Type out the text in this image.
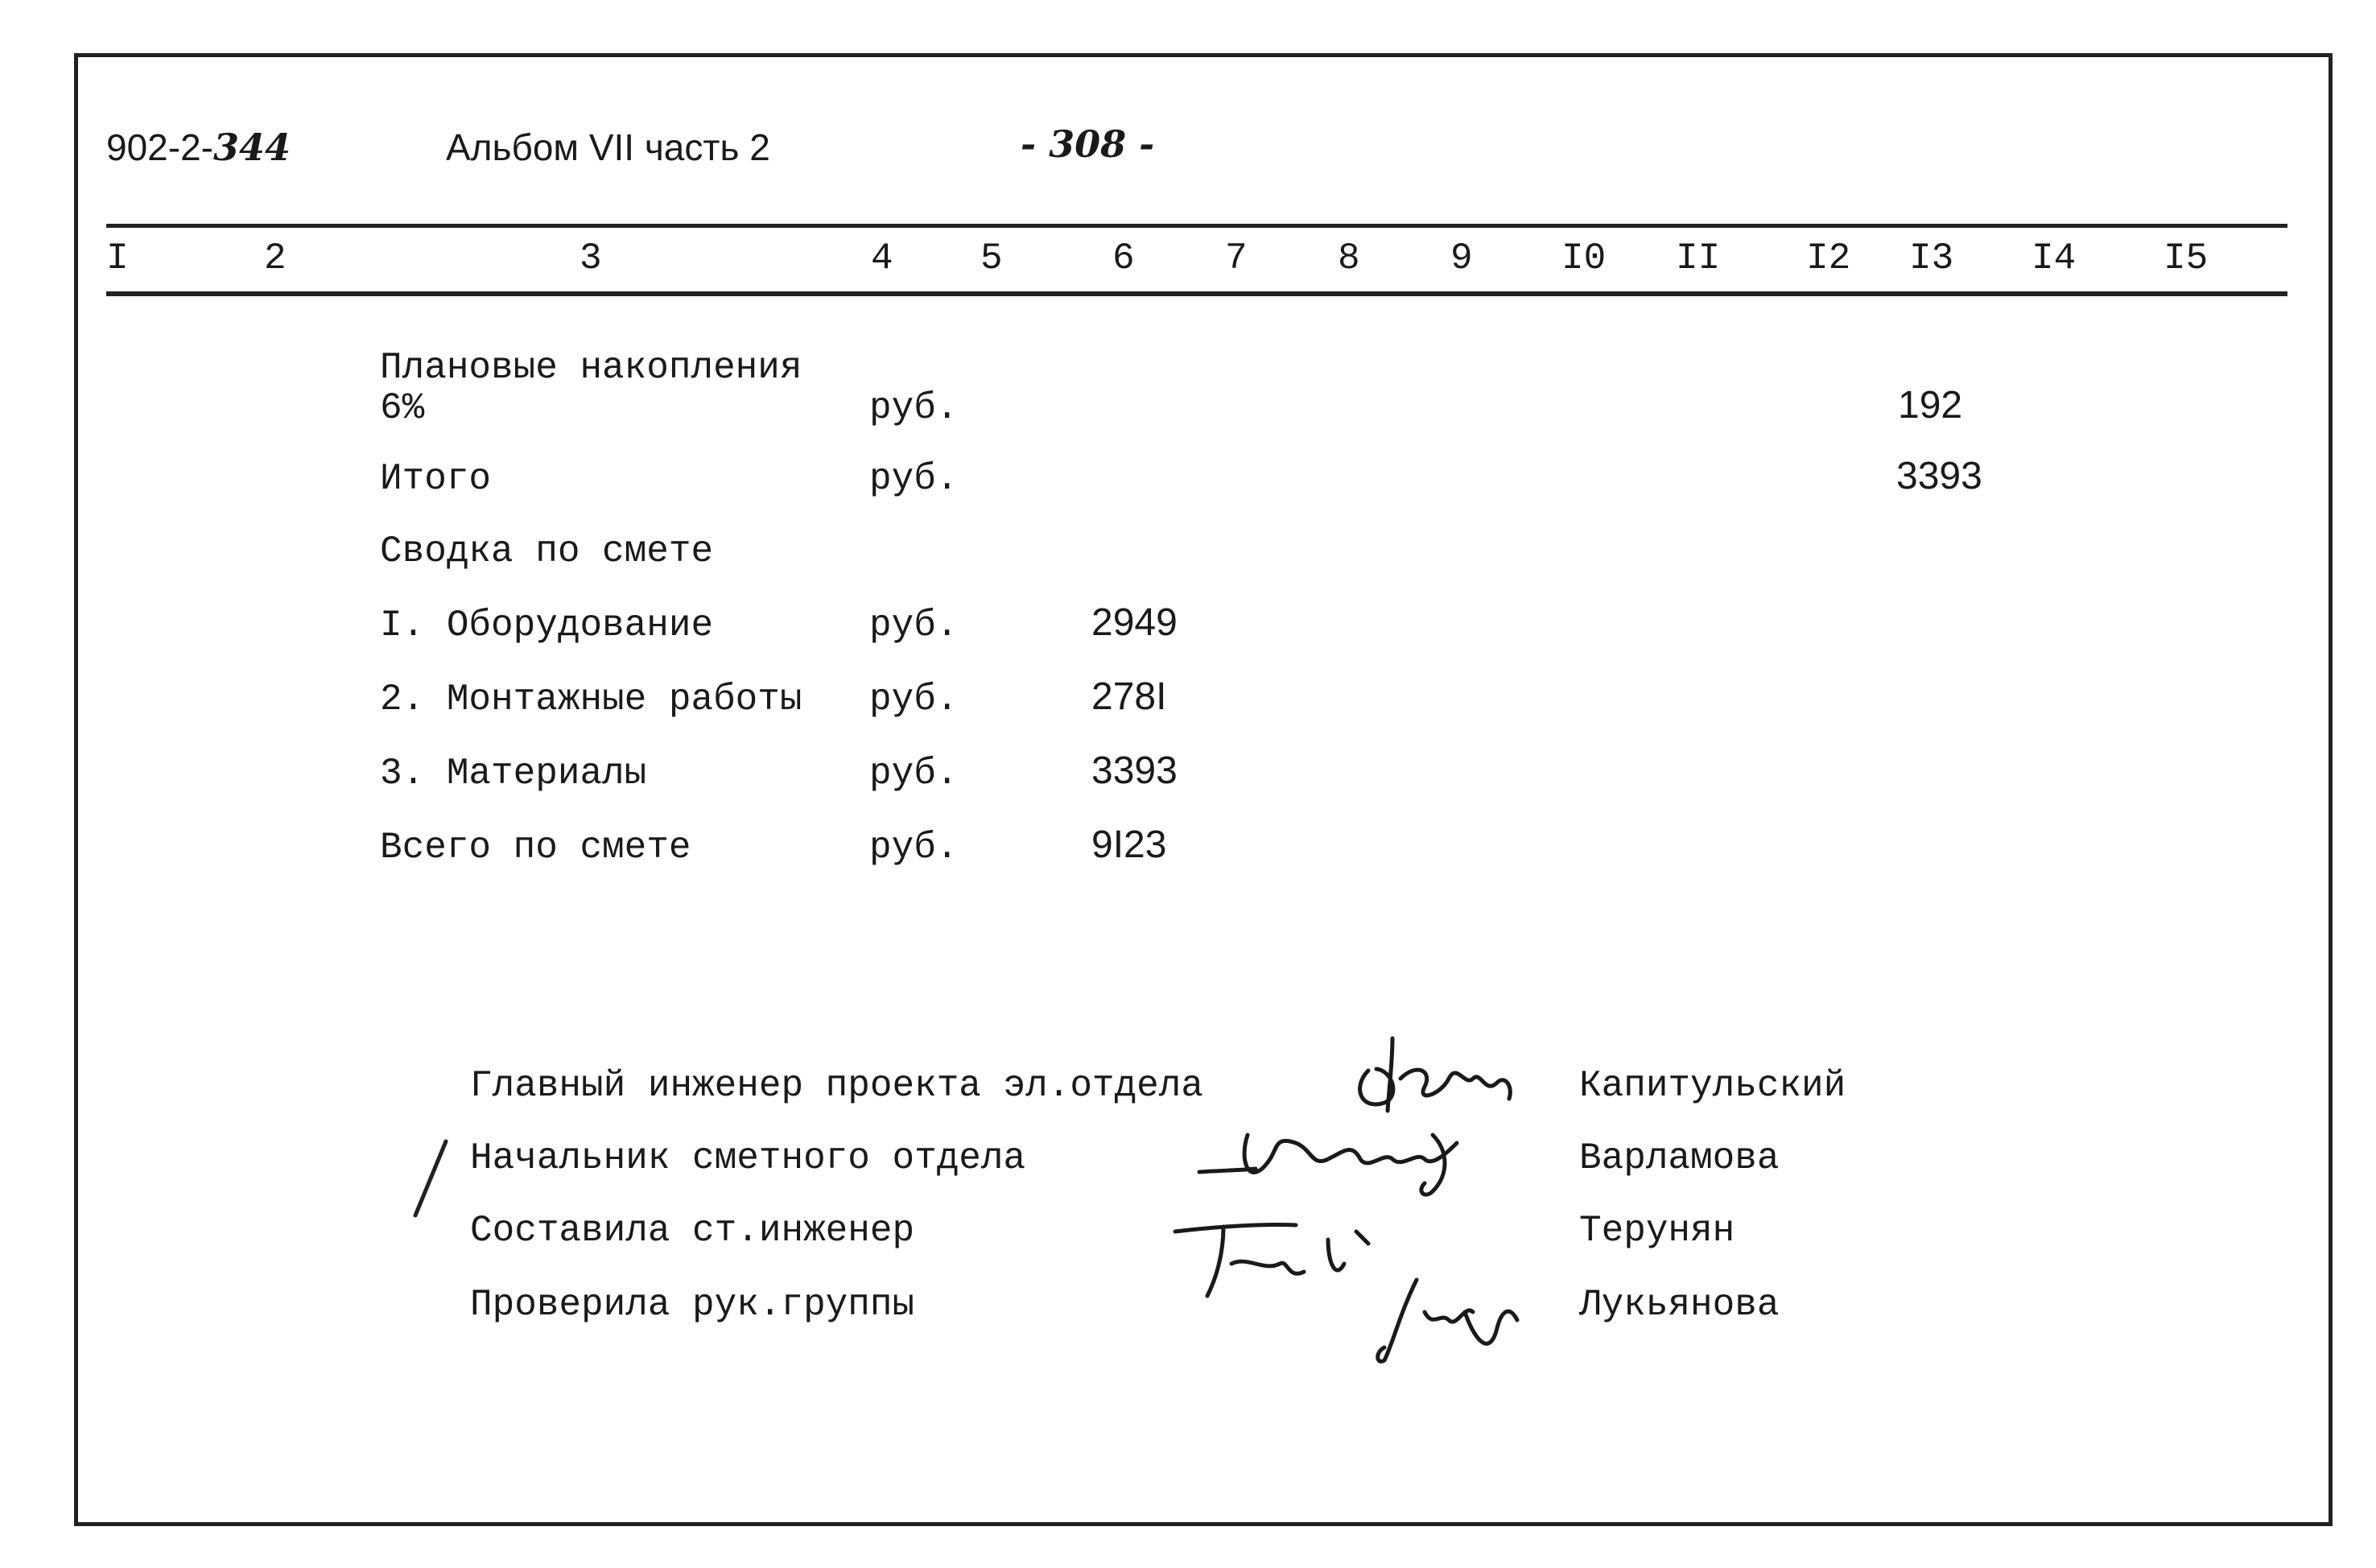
902-2-344	Альбом VII часть 2	- 308 -
I	2	3	4 5	6 7 8 9 I0 II I2 I3 I4 I5
Плановые накопления
6%	руб.	192
Итого	руб.	3393
Сводка по смете
I. Оборудование	руб.	2949
2. Монтажные работы руб.	278I
3. Материалы	руб.	3393
Всего по смете	руб.	9I23
Главный инженер проекта эл.отдела	Капитульский
Начальник сметного отдела	Варламова
Составила ст.инженер	Терунян
Проверила рук.группы	Лукьянова
